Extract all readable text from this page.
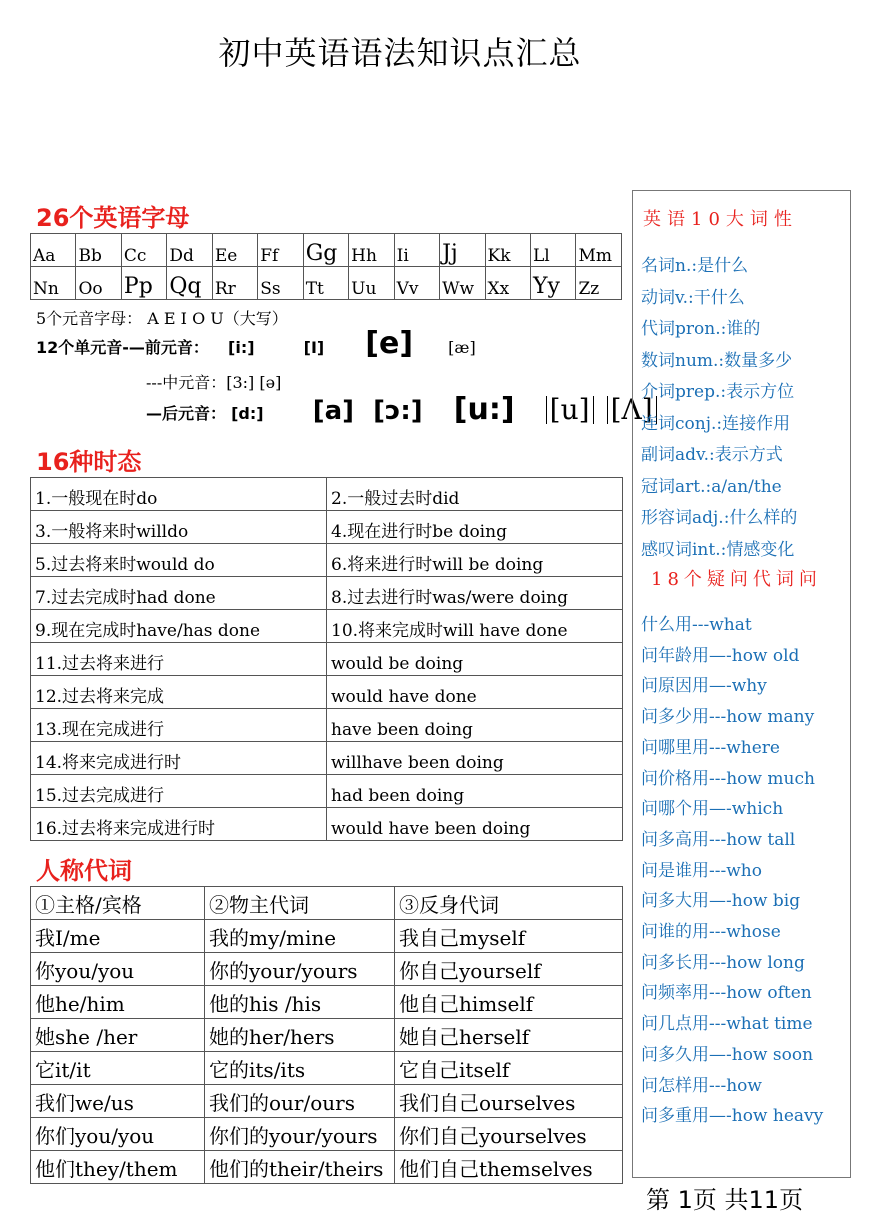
初中英语语法知识点汇总
26个英语字母
Aa	Bb	Cc	Dd	Ee	Ff	Gg	Hh	Ii	Jj	Kk	Ll	Mm
Nn	Oo	Pp	Qq	Rr	Ss	Tt	Uu	Vv	Ww	Xx	Yy	Zz
5个元音字母： A E I O U（大写）
12个单元音-—前元音： [i:]	[I] [e] [æ]
---中元音：[3:] [ə]
—后元音： [d:] [a] [ɔ:] [u:] [u] [Λ]
16种时态
1.一般现在时do	2.一般过去时did
3.一般将来时willdo	4.现在进行时be doing
5.过去将来时would do	6.将来进行时will be doing
7.过去完成时had done	8.过去进行时was/were doing
9.现在完成时have/has done	10.将来完成时will have done
11.过去将来进行	would be doing
12.过去将来完成	would have done
13.现在完成进行	have been doing
14.将来完成进行时	willhave been doing
15.过去完成进行	had been doing
16.过去将来完成进行时	would have been doing
人称代词
①主格/宾格	②物主代词	③反身代词
我I/me	我的my/mine	我自己myself
你you/you	你的your/yours	你自己yourself
他he/him	他的his /his	他自己himself
她she /her	她的her/hers	她自己herself
它it/it	它的its/its	它自己itself
我们we/us	我们的our/ours	我们自己ourselves
你们you/you	你们的your/yours	你们自己yourselves
他们they/them	他们的their/theirs	他们自己themselves
英语10大词性
名词n.:是什么
动词v.:干什么
代词pron.:谁的
数词num.:数量多少
介词prep.:表示方位
连词conj.:连接作用
副词adv.:表示方式
冠词art.:a/an/the
形容词adj.:什么样的
感叹词int.:情感变化
18个疑问代词问
什么用---what
问年龄用—-how old
问原因用—-why
问多少用---how many
问哪里用---where
问价格用---how much
问哪个用—-which
问多高用---how tall
问是谁用---who
问多大用—-how big
问谁的用---whose
问多长用---how long
问频率用---how often
问几点用---what time
问多久用—-how soon
问怎样用---how
问多重用—-how heavy
第 1页 共11页
